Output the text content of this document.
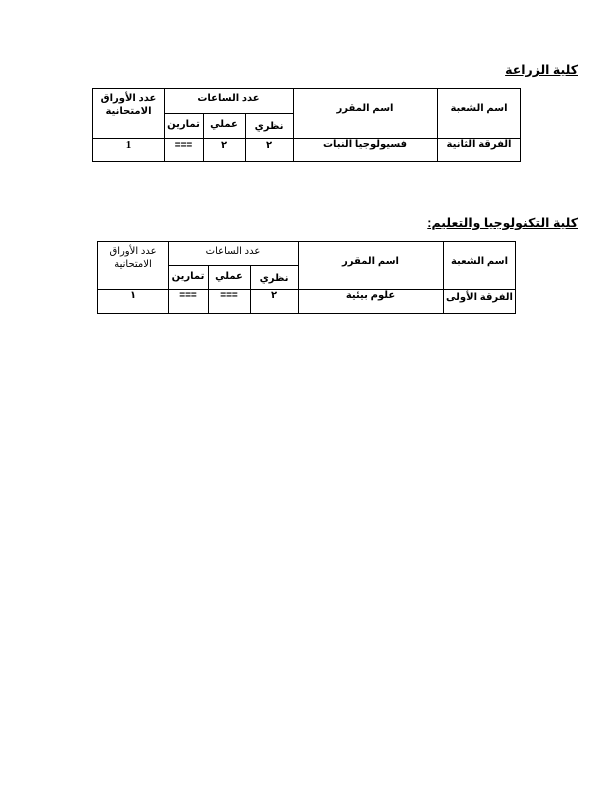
كلية الزراعة
عدد الأوراق الامتحانية
عدد الساعات
تمارين	عملي	نظري
اسم المقرر	اسم الشعبة
1	===	٢	٢	فسيولوجيا النبات	الفرقة الثانية
كلية التكنولوجيا والتعليم:
عدد الأوراق الامتحانية
عدد الساعات
تمارين	عملي	نظري
اسم المقرر	اسم الشعبة
١	===	===	٢	علوم بيئية	الفرقة الأولى
